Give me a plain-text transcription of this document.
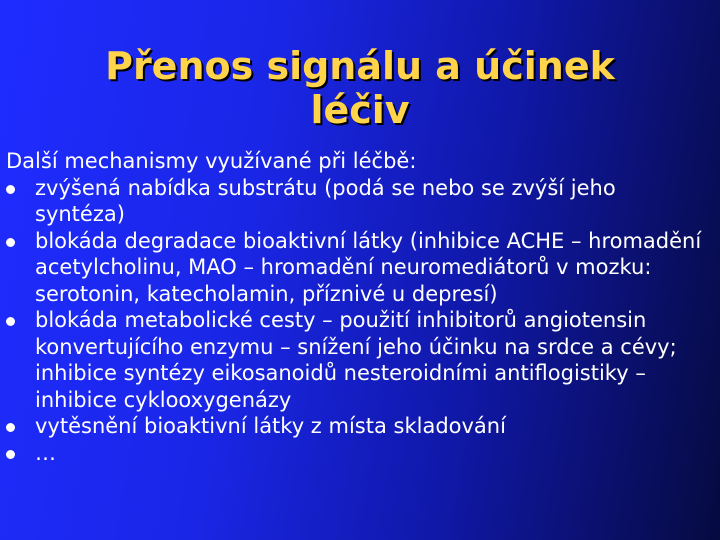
Přenos signálu a účinek
léčiv

Další mechanismy využívané při léčbě:

zvýšená nabídka substrátu (podá se nebo se zvýší jeho syntéza)
blokáda degradace bioaktivní látky (inhibice ACHE – hromadění acetylcholinu, MAO – hromadění neuromediátorů v mozku: serotonin, katecholamin, příznivé u depresí)
blokáda metabolické cesty – použití inhibitorů angiotensin konvertujícího enzymu – snížení jeho účinku na srdce a cévy; inhibice syntézy eikosanoidů nesteroidními antiflogistiky – inhibice cyklooxygenázy
vytěsnění bioaktivní látky z místa skladování
…
